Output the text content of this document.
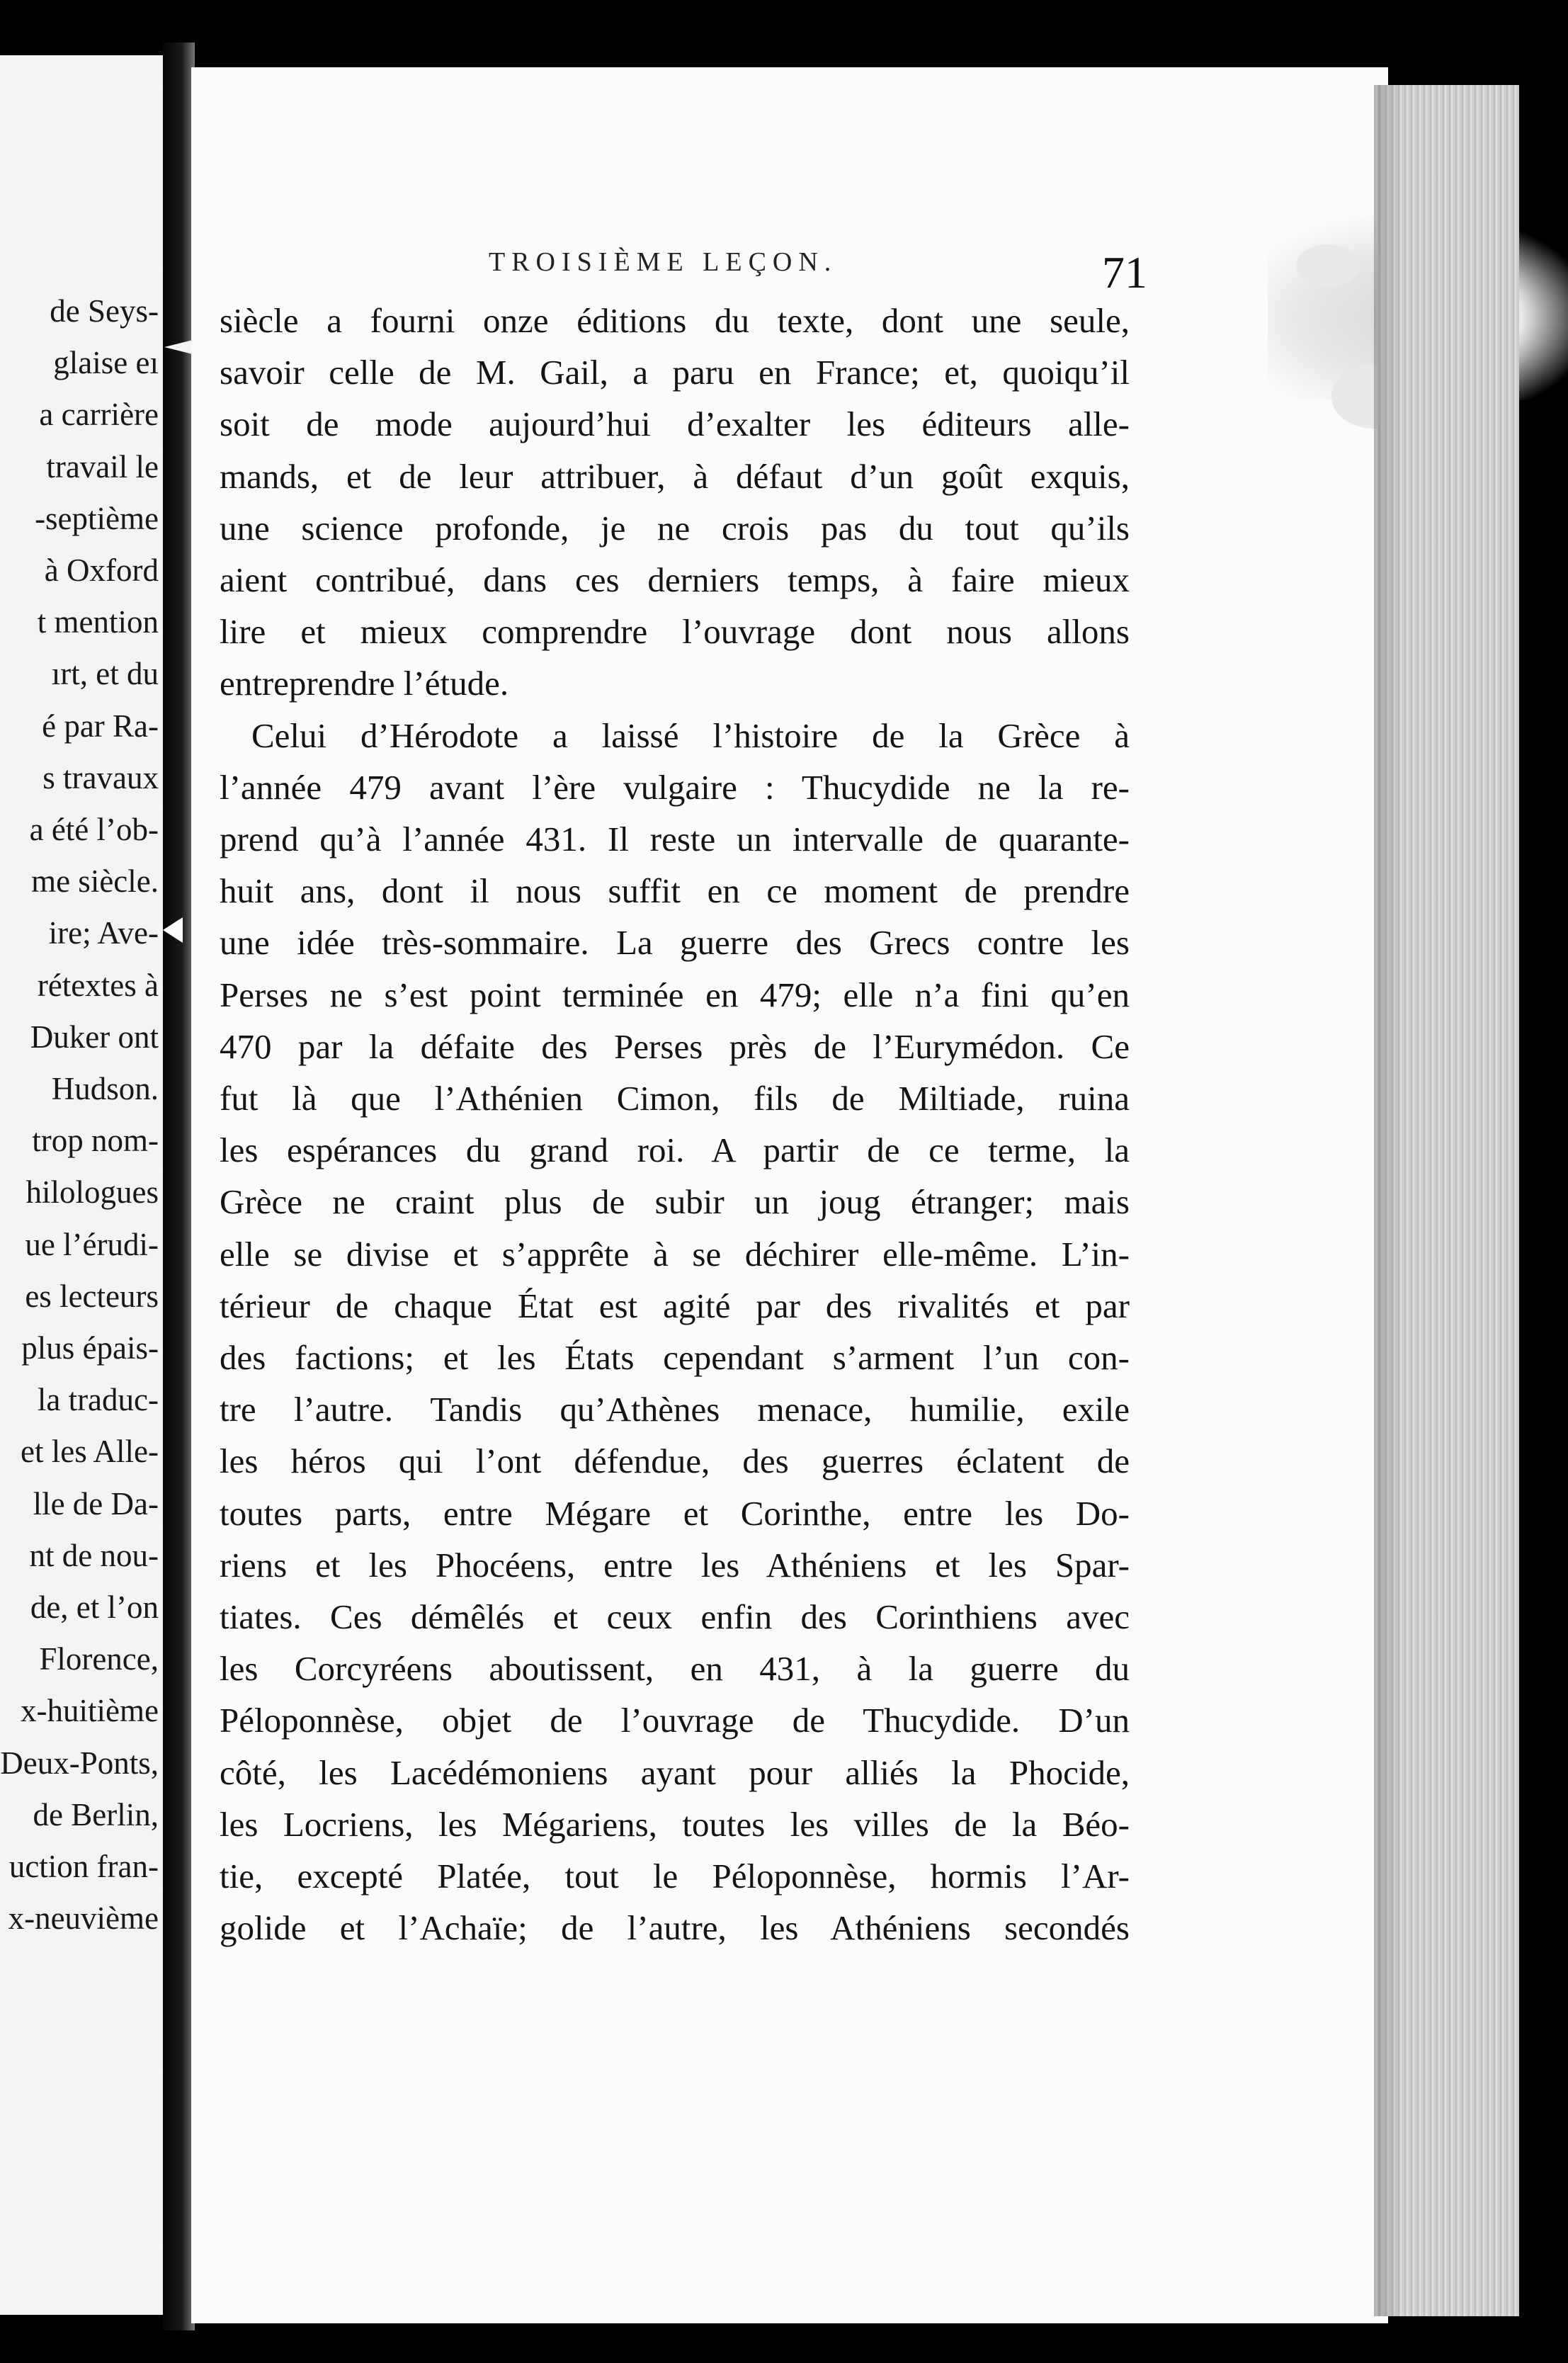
de Seys-
glaise eı
a carrière
travail le
-septième
à Oxford
t mention
ırt, et du
é par Ra-
s travaux
a été l’ob-
me siècle.
ire; Ave-
rétextes à
Duker ont
Hudson.
trop nom-
hilologues
ue l’érudi-
es lecteurs
plus épais-
la traduc-
et les Alle-
lle de Da-
nt de nou-
de, et l’on
Florence,
x-huitième
Deux-Ponts,
de Berlin,
uction fran-
x-neuvième
TROISIÈME LEÇON.	71
siècle a fourni onze éditions du texte, dont une seule,
savoir celle de M. Gail, a paru en France; et, quoiqu’il
soit de mode aujourd’hui d’exalter les éditeurs alle-
mands, et de leur attribuer, à défaut d’un goût exquis,
une science profonde, je ne crois pas du tout qu’ils
aient contribué, dans ces derniers temps, à faire mieux
lire et mieux comprendre l’ouvrage dont nous allons
entreprendre l’étude.
Celui d’Hérodote a laissé l’histoire de la Grèce à
l’année 479 avant l’ère vulgaire : Thucydide ne la re-
prend qu’à l’année 431. Il reste un intervalle de quarante-
huit ans, dont il nous suffit en ce moment de prendre
une idée très-sommaire. La guerre des Grecs contre les
Perses ne s’est point terminée en 479; elle n’a fini qu’en
470 par la défaite des Perses près de l’Eurymédon. Ce
fut là que l’Athénien Cimon, fils de Miltiade, ruina
les espérances du grand roi. A partir de ce terme, la
Grèce ne craint plus de subir un joug étranger; mais
elle se divise et s’apprête à se déchirer elle-même. L’in-
térieur de chaque État est agité par des rivalités et par
des factions; et les États cependant s’arment l’un con-
tre l’autre. Tandis qu’Athènes menace, humilie, exile
les héros qui l’ont défendue, des guerres éclatent de
toutes parts, entre Mégare et Corinthe, entre les Do-
riens et les Phocéens, entre les Athéniens et les Spar-
tiates. Ces démêlés et ceux enfin des Corinthiens avec
les Corcyréens aboutissent, en 431, à la guerre du
Péloponnèse, objet de l’ouvrage de Thucydide. D’un
côté, les Lacédémoniens ayant pour alliés la Phocide,
les Locriens, les Mégariens, toutes les villes de la Béo-
tie, excepté Platée, tout le Péloponnèse, hormis l’Ar-
golide et l’Achaïe; de l’autre, les Athéniens secondés
